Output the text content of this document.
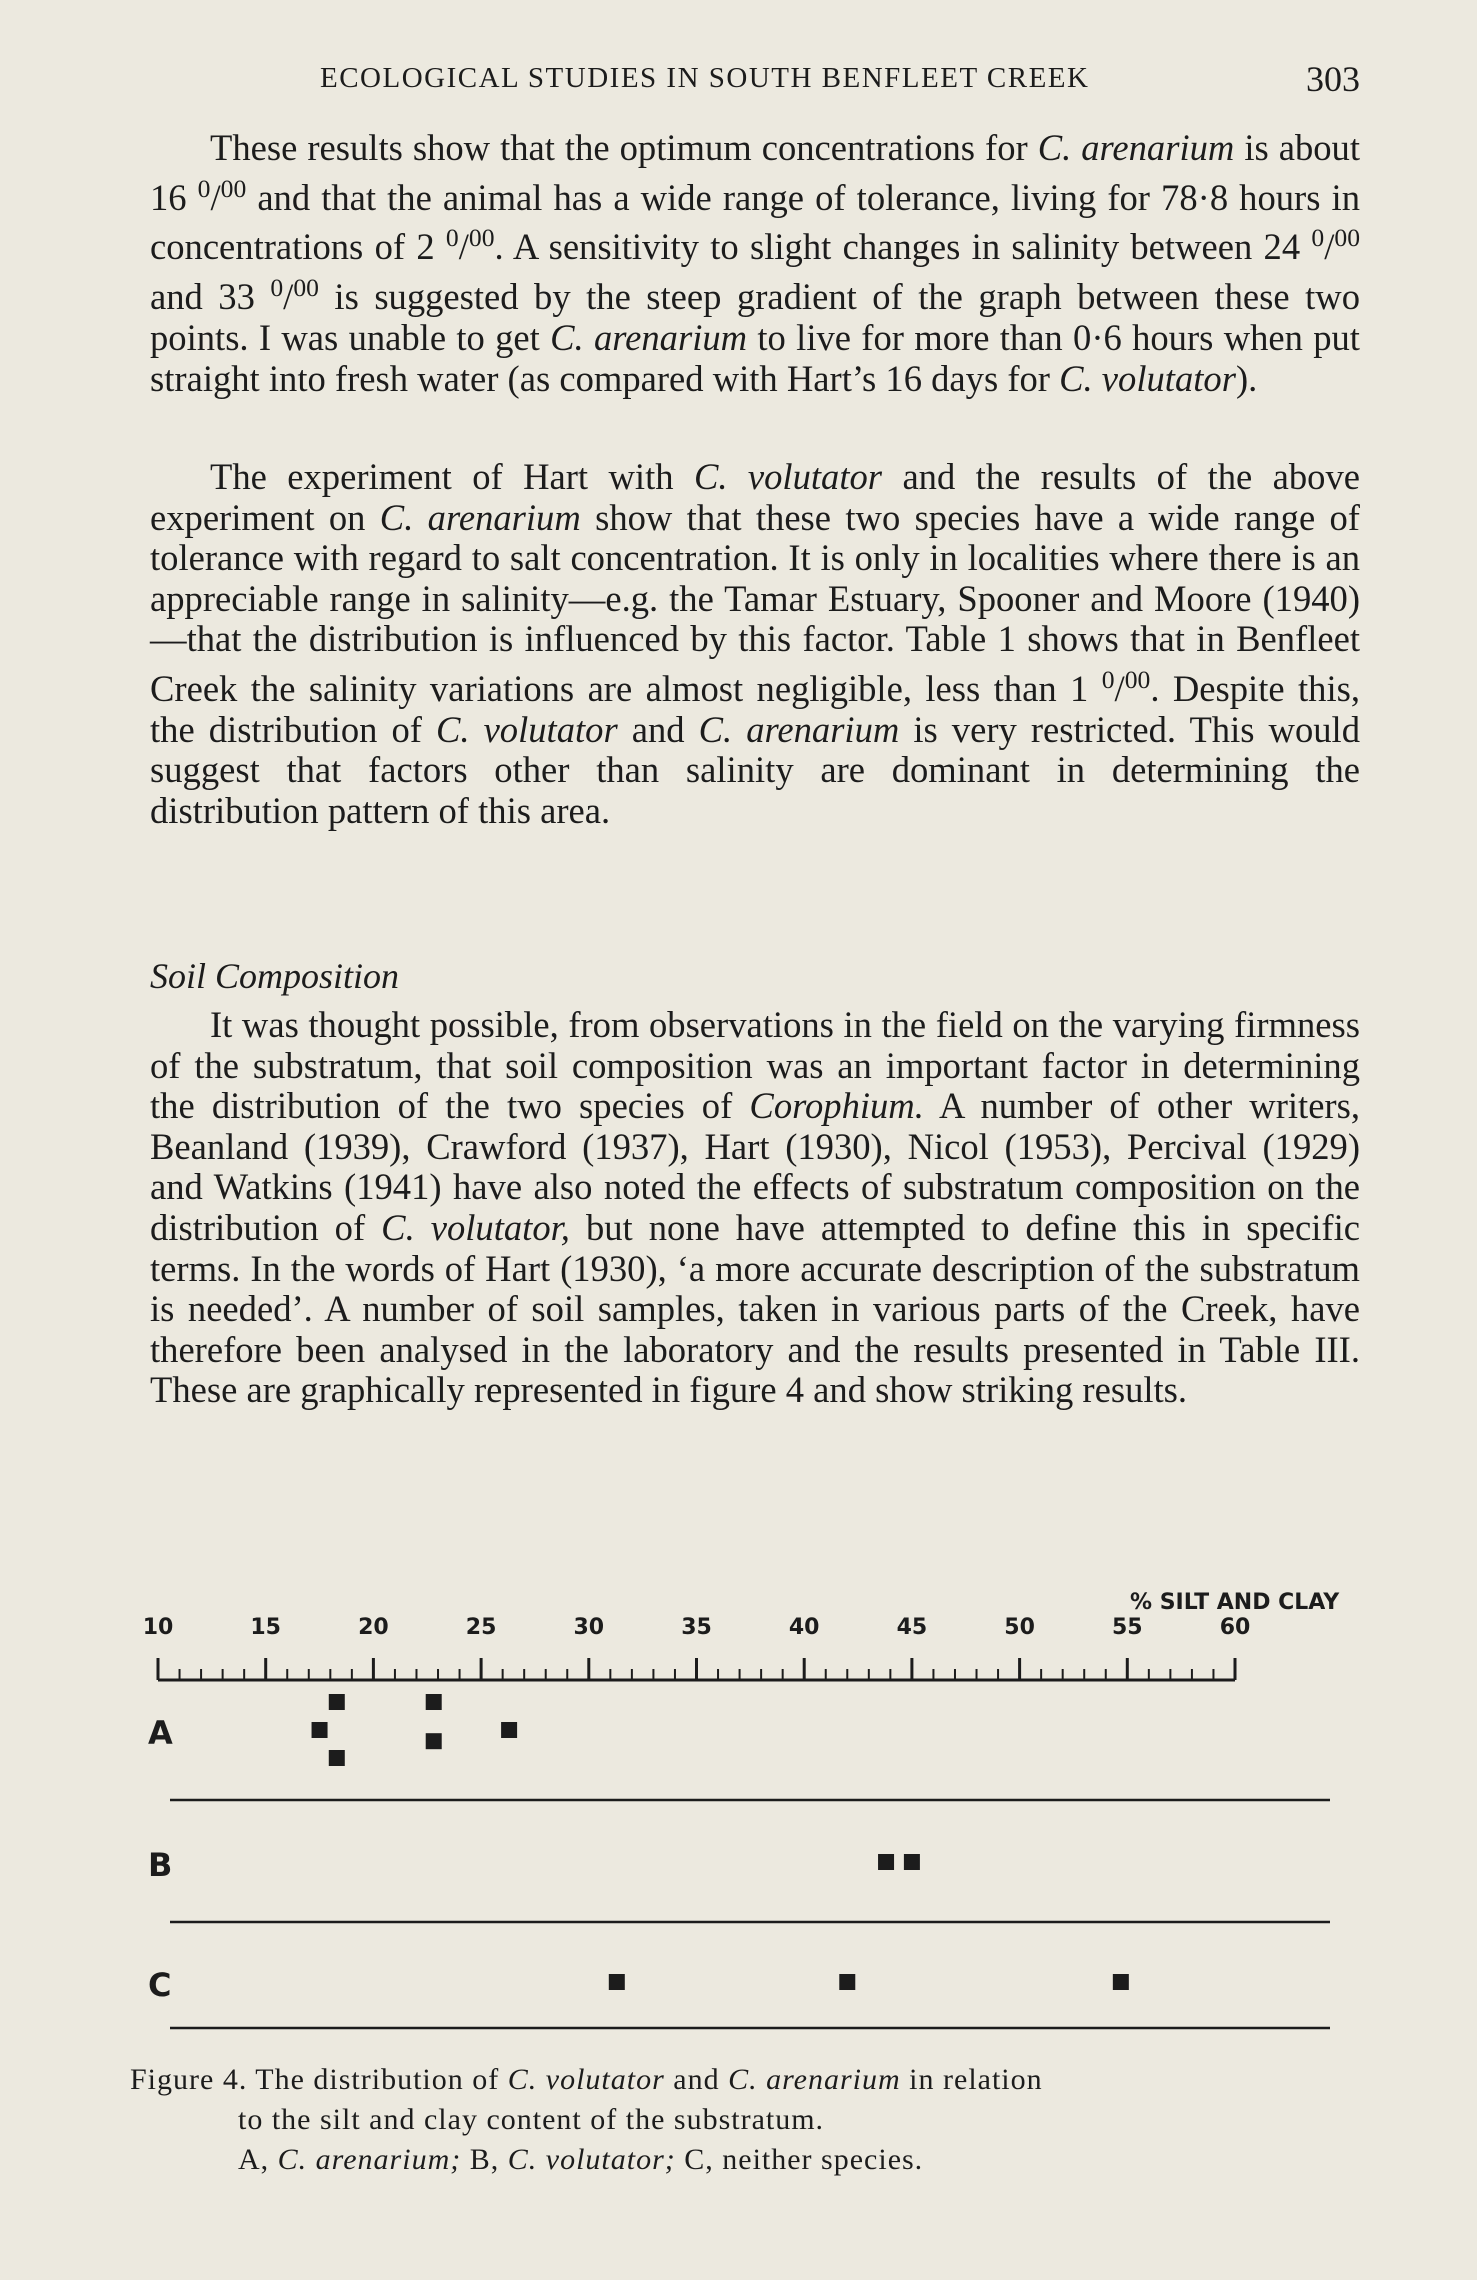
ECOLOGICAL STUDIES IN SOUTH BENFLEET CREEK	303

These results show that the optimum concentrations for C. arenarium is about 16 $^0$/$^{00}$ and that the animal has a wide range of tolerance, living for 78·8 hours in concentrations of 2 $^0$/$^{00}$. A sensitivity to slight changes in salinity between 24 $^0$/$^{00}$ and 33 $^0$/$^{00}$ is suggested by the steep gradient of the graph between these two points. I was unable to get C. arenarium to live for more than 0·6 hours when put straight into fresh water (as compared with Hart’s 16 days for C. volutator).

The experiment of Hart with C. volutator and the results of the above experiment on C. arenarium show that these two species have a wide range of tolerance with regard to salt concentration. It is only in localities where there is an appreciable range in salinity—e.g. the Tamar Estuary, Spooner and Moore (1940)—that the distribution is influenced by this factor. Table 1 shows that in Benfleet Creek the salinity variations are almost negligible, less than 1 $^0$/$^{00}$. Despite this, the distribution of C. volutator and C. arenarium is very restricted. This would suggest that factors other than salinity are dominant in determining the distribution pattern of this area.

Soil Composition

It was thought possible, from observations in the field on the varying firmness of the substratum, that soil composition was an important factor in determining the distribution of the two species of Corophium. A number of other writers, Beanland (1939), Crawford (1937), Hart (1930), Nicol (1953), Percival (1929) and Watkins (1941) have also noted the effects of substratum composition on the distribution of C. volutator, but none have attempted to define this in specific terms. In the words of Hart (1930), ‘a more accurate description of the substratum is needed’. A number of soil samples, taken in various parts of the Creek, have therefore been analysed in the laboratory and the results presented in Table III. These are graphically represented in figure 4 and show striking results.

% SILT AND CLAY
10	15	20	25	30	35	40	45	50	55	60
A
B
C
Figure 4. The distribution of C. volutator and C. arenarium in relation
to the silt and clay content of the substratum.
A, C. arenarium; B, C. volutator; C, neither species.
